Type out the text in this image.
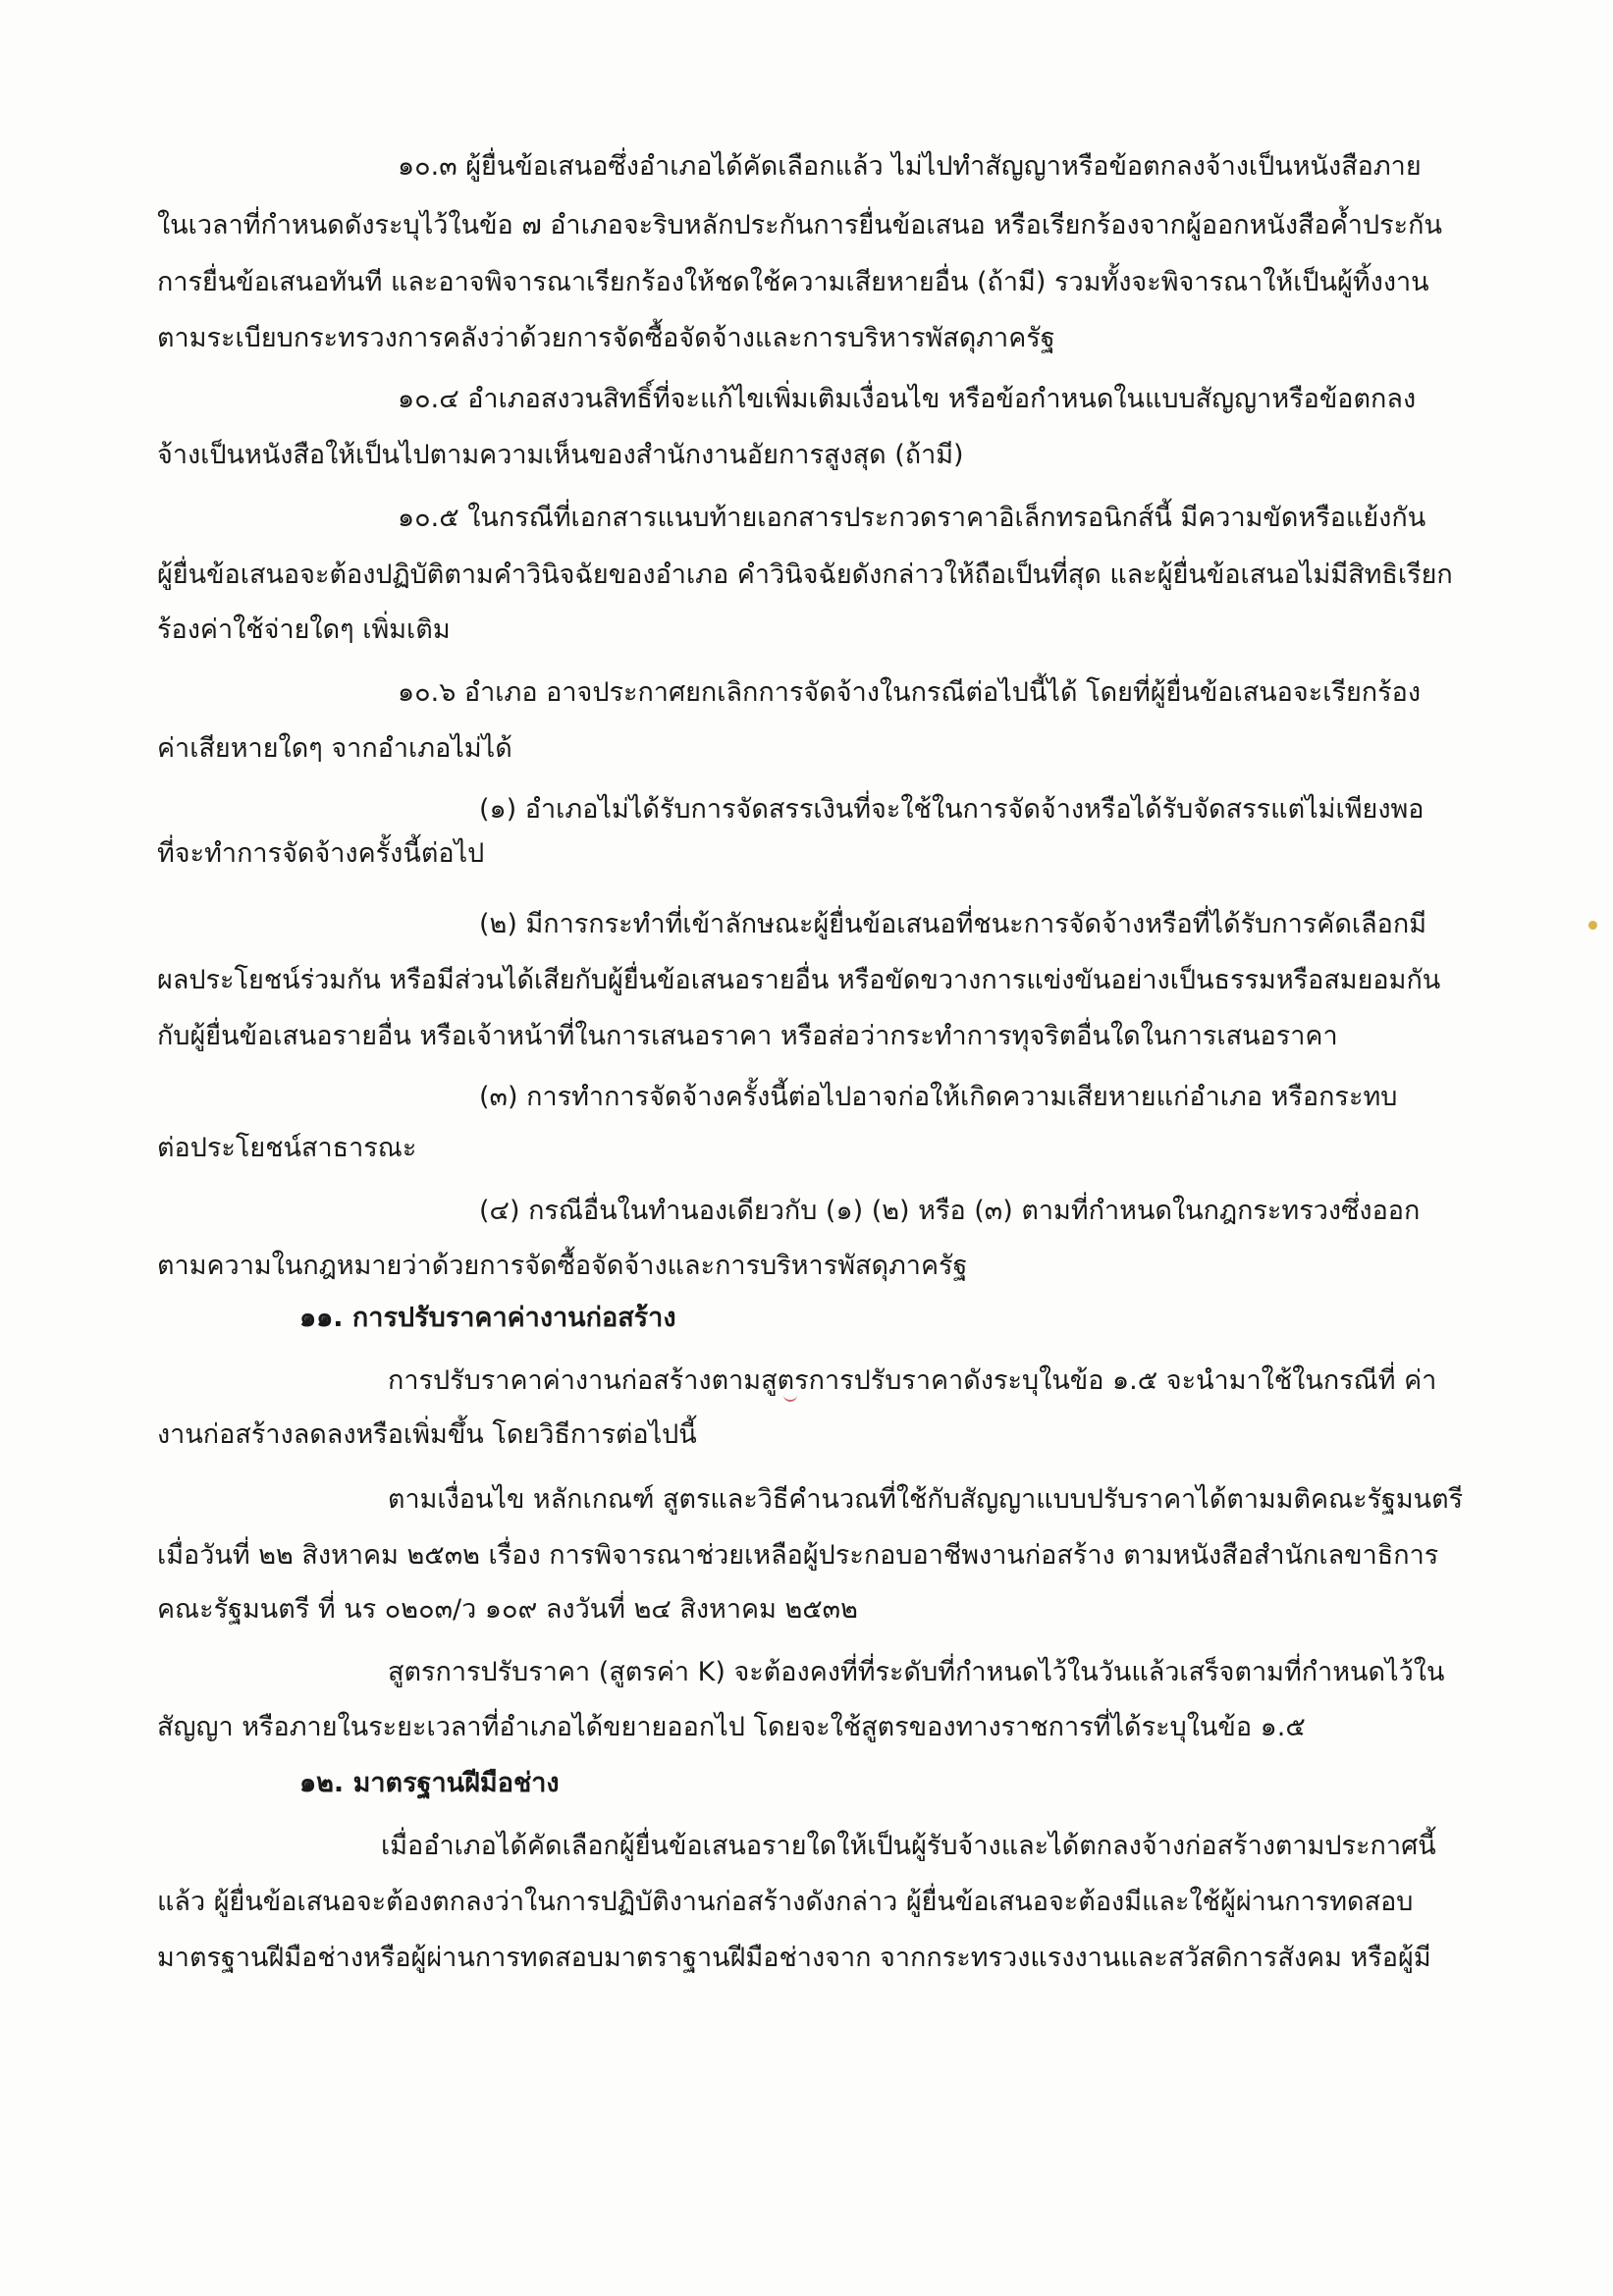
๑๐.๓ ผู้ยื่นข้อเสนอซึ่งอำเภอได้คัดเลือกแล้ว ไม่ไปทำสัญญาหรือข้อตกลงจ้างเป็นหนังสือภาย
ในเวลาที่กำหนดดังระบุไว้ในข้อ ๗ อำเภอจะริบหลักประกันการยื่นข้อเสนอ หรือเรียกร้องจากผู้ออกหนังสือค้ำประกัน
การยื่นข้อเสนอทันที และอาจพิจารณาเรียกร้องให้ชดใช้ความเสียหายอื่น (ถ้ามี) รวมทั้งจะพิจารณาให้เป็นผู้ทิ้งงาน
ตามระเบียบกระทรวงการคลังว่าด้วยการจัดซื้อจัดจ้างและการบริหารพัสดุภาครัฐ
๑๐.๔ อำเภอสงวนสิทธิ์ที่จะแก้ไขเพิ่มเติมเงื่อนไข หรือข้อกำหนดในแบบสัญญาหรือข้อตกลง
จ้างเป็นหนังสือให้เป็นไปตามความเห็นของสำนักงานอัยการสูงสุด (ถ้ามี)
๑๐.๕ ในกรณีที่เอกสารแนบท้ายเอกสารประกวดราคาอิเล็กทรอนิกส์นี้ มีความขัดหรือแย้งกัน
ผู้ยื่นข้อเสนอจะต้องปฏิบัติตามคำวินิจฉัยของอำเภอ คำวินิจฉัยดังกล่าวให้ถือเป็นที่สุด และผู้ยื่นข้อเสนอไม่มีสิทธิเรียก
ร้องค่าใช้จ่ายใดๆ เพิ่มเติม
๑๐.๖ อำเภอ อาจประกาศยกเลิกการจัดจ้างในกรณีต่อไปนี้ได้ โดยที่ผู้ยื่นข้อเสนอจะเรียกร้อง
ค่าเสียหายใดๆ จากอำเภอไม่ได้
(๑) อำเภอไม่ได้รับการจัดสรรเงินที่จะใช้ในการจัดจ้างหรือได้รับจัดสรรแต่ไม่เพียงพอ
ที่จะทำการจัดจ้างครั้งนี้ต่อไป
(๒) มีการกระทำที่เข้าลักษณะผู้ยื่นข้อเสนอที่ชนะการจัดจ้างหรือที่ได้รับการคัดเลือกมี
ผลประโยชน์ร่วมกัน หรือมีส่วนได้เสียกับผู้ยื่นข้อเสนอรายอื่น หรือขัดขวางการแข่งขันอย่างเป็นธรรมหรือสมยอมกัน
กับผู้ยื่นข้อเสนอรายอื่น หรือเจ้าหน้าที่ในการเสนอราคา หรือส่อว่ากระทำการทุจริตอื่นใดในการเสนอราคา
(๓) การทำการจัดจ้างครั้งนี้ต่อไปอาจก่อให้เกิดความเสียหายแก่อำเภอ หรือกระทบ
ต่อประโยชน์สาธารณะ
(๔) กรณีอื่นในทำนองเดียวกับ (๑) (๒) หรือ (๓) ตามที่กำหนดในกฎกระทรวงซึ่งออก
ตามความในกฎหมายว่าด้วยการจัดซื้อจัดจ้างและการบริหารพัสดุภาครัฐ
๑๑. การปรับราคาค่างานก่อสร้าง
การปรับราคาค่างานก่อสร้างตามสูตรการปรับราคาดังระบุในข้อ ๑.๕ จะนำมาใช้ในกรณีที่ ค่า
งานก่อสร้างลดลงหรือเพิ่มขึ้น โดยวิธีการต่อไปนี้
ตามเงื่อนไข หลักเกณฑ์ สูตรและวิธีคำนวณที่ใช้กับสัญญาแบบปรับราคาได้ตามมติคณะรัฐมนตรี
เมื่อวันที่ ๒๒ สิงหาคม ๒๕๓๒ เรื่อง การพิจารณาช่วยเหลือผู้ประกอบอาชีพงานก่อสร้าง ตามหนังสือสำนักเลขาธิการ
คณะรัฐมนตรี ที่ นร ๐๒๐๓/ว ๑๐๙ ลงวันที่ ๒๔ สิงหาคม ๒๕๓๒
สูตรการปรับราคา (สูตรค่า K) จะต้องคงที่ที่ระดับที่กำหนดไว้ในวันแล้วเสร็จตามที่กำหนดไว้ใน
สัญญา หรือภายในระยะเวลาที่อำเภอได้ขยายออกไป โดยจะใช้สูตรของทางราชการที่ได้ระบุในข้อ ๑.๕
๑๒. มาตรฐานฝีมือช่าง
เมื่ออำเภอได้คัดเลือกผู้ยื่นข้อเสนอรายใดให้เป็นผู้รับจ้างและได้ตกลงจ้างก่อสร้างตามประกาศนี้
แล้ว ผู้ยื่นข้อเสนอจะต้องตกลงว่าในการปฏิบัติงานก่อสร้างดังกล่าว ผู้ยื่นข้อเสนอจะต้องมีและใช้ผู้ผ่านการทดสอบ
มาตรฐานฝีมือช่างหรือผู้ผ่านการทดสอบมาตราฐานฝีมือช่างจาก จากกระทรวงแรงงานและสวัสดิการสังคม หรือผู้มี
